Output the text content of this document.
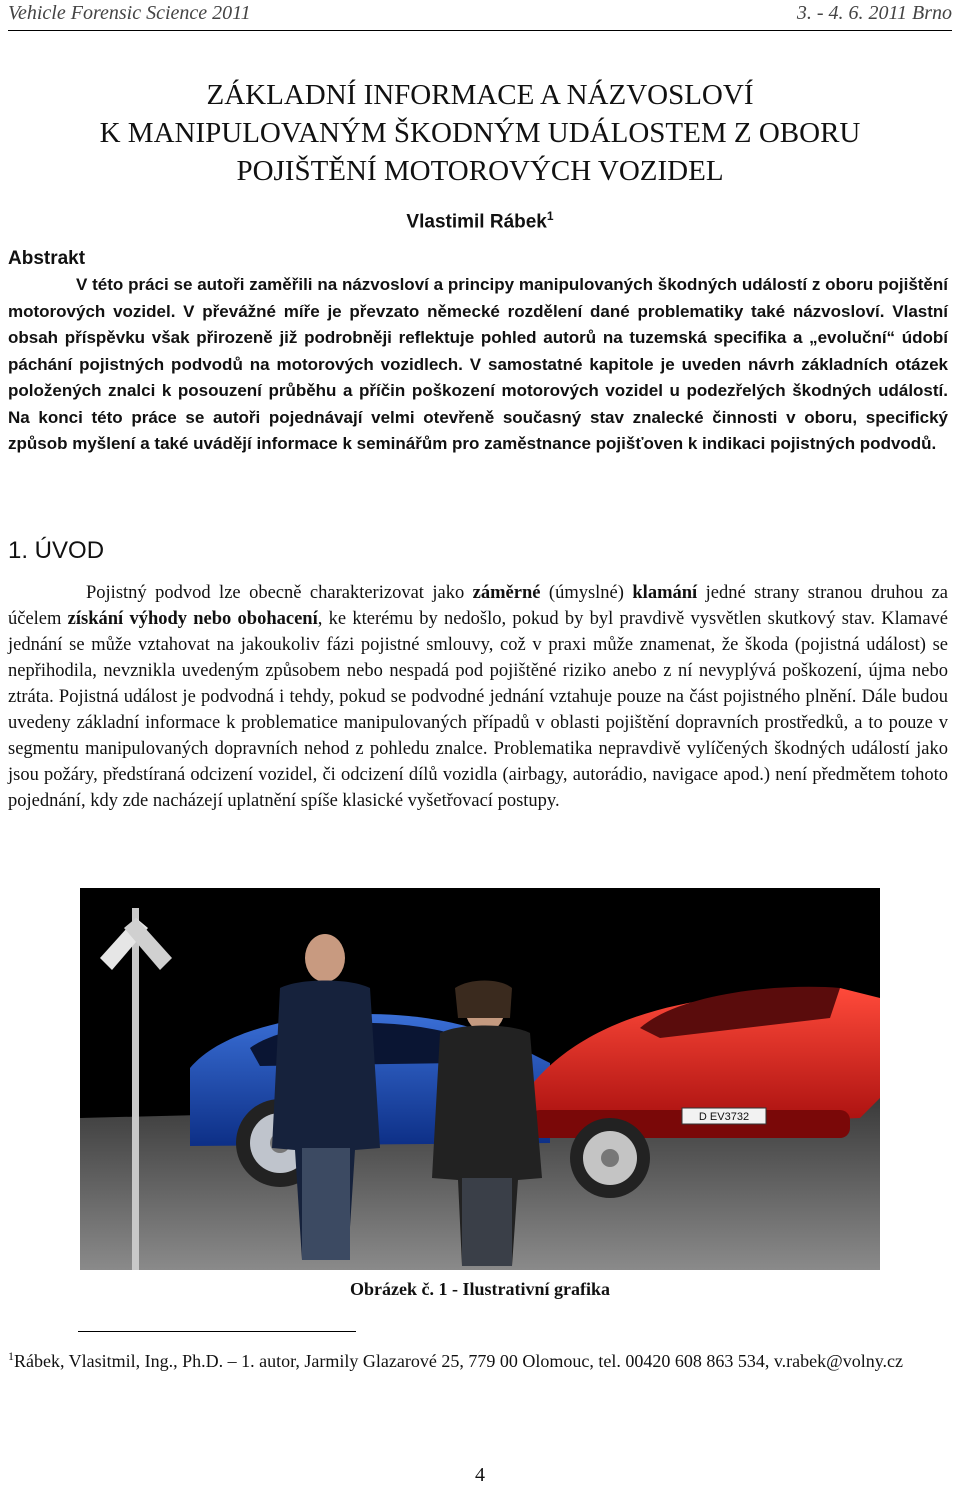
Vehicle Forensic Science 2011	3. - 4. 6. 2011 Brno
ZÁKLADNÍ INFORMACE A NÁZVOSLOVÍ
K MANIPULOVANÝM ŠKODNÝM UDÁLOSTEM Z OBORU
POJIŠTĚNÍ MOTOROVÝCH VOZIDEL
Vlastimil Rábek$^1$
Abstrakt
V této práci se autoři zaměřili na názvosloví a principy manipulovaných škodných událostí z oboru pojištění motorových vozidel. V převážné míře je převzato německé rozdělení dané problematiky také názvosloví. Vlastní obsah příspěvku však přirozeně již podrobněji reflektuje pohled autorů na tuzemská specifika a „evoluční“ údobí páchání pojistných podvodů na motorových vozidlech. V samostatné kapitole je uveden návrh základních otázek položených znalci k posouzení průběhu a příčin poškození motorových vozidel u podezřelých škodných událostí. Na konci této práce se autoři pojednávají velmi otevřeně současný stav znalecké činnosti v oboru, specifický způsob myšlení a také uvádějí informace k seminářům pro zaměstnance pojišťoven k indikaci pojistných podvodů.
1. ÚVOD
Pojistný podvod lze obecně charakterizovat jako záměrné (úmyslné) klamání jedné strany stranou druhou za účelem získání výhody nebo obohacení, ke kterému by nedošlo, pokud by byl pravdivě vysvětlen skutkový stav. Klamavé jednání se může vztahovat na jakoukoliv fázi pojistné smlouvy, což v praxi může znamenat, že škoda (pojistná událost) se nepřihodila, nevznikla uvedeným způsobem nebo nespadá pod pojištěné riziko anebo z ní nevyplývá poškození, újma nebo ztráta. Pojistná událost je podvodná i tehdy, pokud se podvodné jednání vztahuje pouze na část pojistného plnění. Dále budou uvedeny základní informace k problematice manipulovaných případů v oblasti pojištění dopravních prostředků, a to pouze v segmentu manipulovaných dopravních nehod z pohledu znalce. Problematika nepravdivě vylíčených škodných událostí jako jsou požáry, předstíraná odcizení vozidel, či odcizení dílů vozidla (airbagy, autorádio, navigace apod.) není předmětem tohoto pojednání, kdy zde nacházejí uplatnění spíše klasické vyšetřovací postupy.
D EV3732
Obrázek č. 1 - Ilustrativní grafika
$^1$Rábek, Vlasitmil, Ing., Ph.D. – 1. autor, Jarmily Glazarové 25, 779 00 Olomouc, tel. 00420 608 863 534, v.rabek@volny.cz
4
